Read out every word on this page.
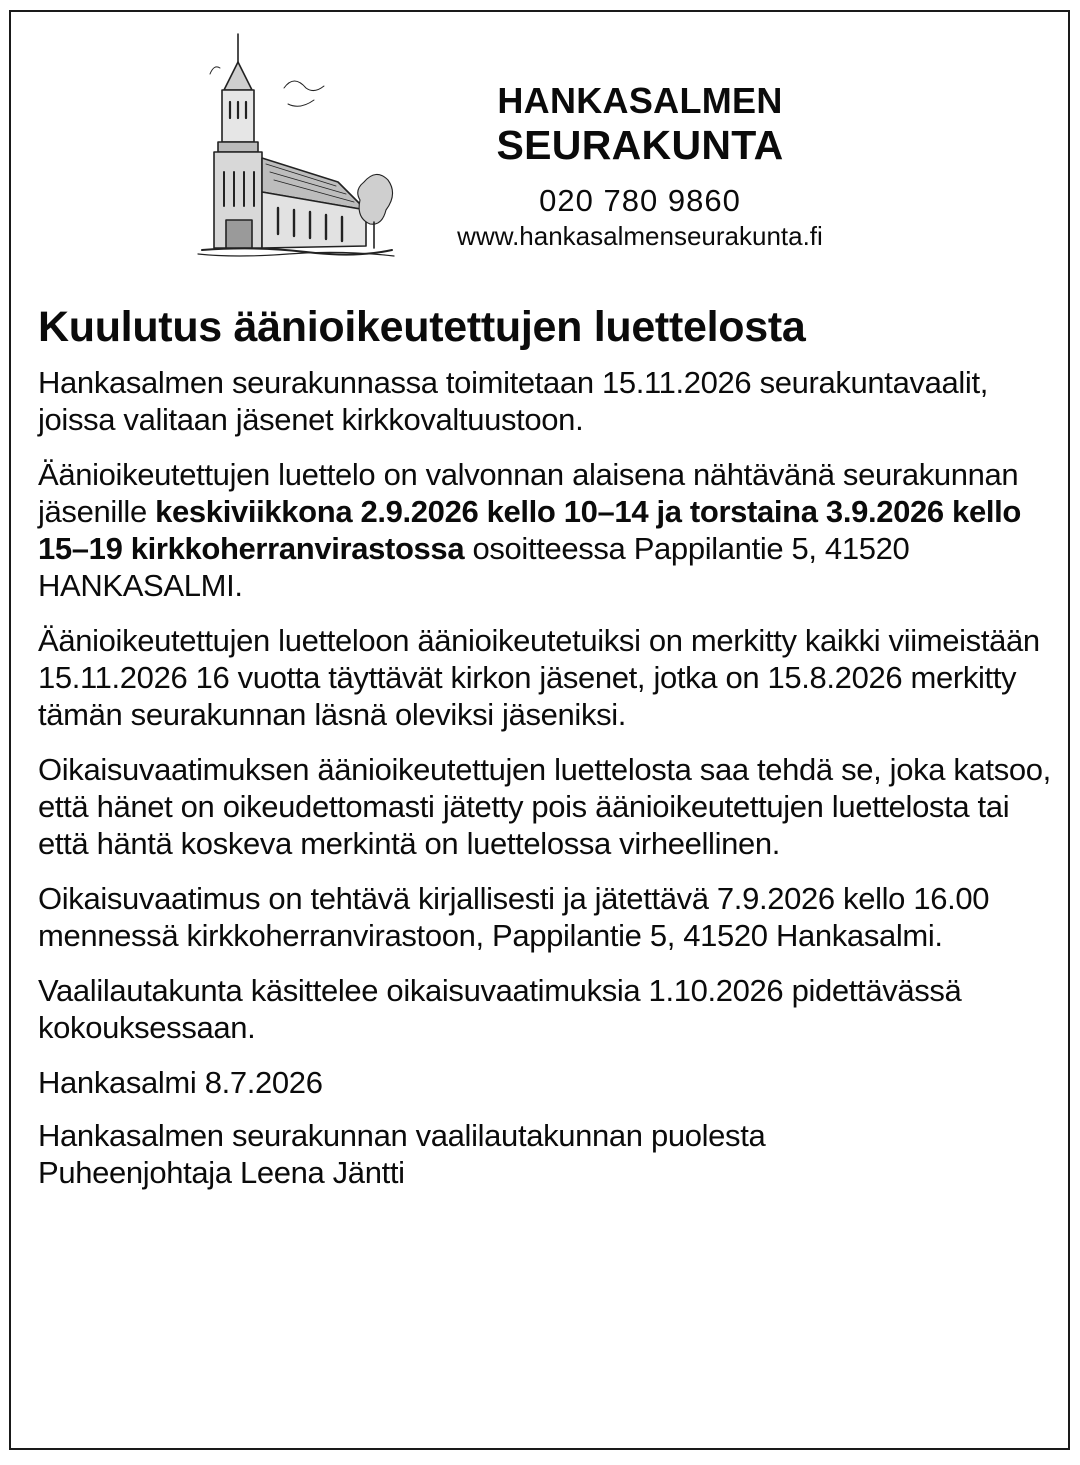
HANKASALMEN
SEURAKUNTA
020 780 9860
www.hankasalmenseurakunta.fi
Kuulutus äänioikeutettujen luettelosta

Hankasalmen seurakunnassa toimitetaan 15.11.2026 seurakuntavaalit, joissa valitaan jäsenet kirkkovaltuustoon.

Äänioikeutettujen luettelo on valvonnan alaisena nähtävänä seurakunnan jäsenille keskiviikkona 2.9.2026 kello 10–14 ja torstaina 3.9.2026 kello 15–19 kirkkoherranvirastossa osoitteessa Pappilantie 5, 41520 HANKASALMI.

Äänioikeutettujen luetteloon äänioikeutetuiksi on merkitty kaikki viimeistään 15.11.2026 16 vuotta täyttävät kirkon jäsenet, jotka on 15.8.2026 merkitty tämän seurakunnan läsnä oleviksi jäseniksi.

Oikaisuvaatimuksen äänioikeutettujen luettelosta saa tehdä se, joka katsoo, että hänet on oikeudettomasti jätetty pois äänioikeutettujen luettelosta tai että häntä koskeva merkintä on luettelossa virheellinen.

Oikaisuvaatimus on tehtävä kirjallisesti ja jätettävä 7.9.2026 kello 16.00 mennessä kirkkoherranvirastoon, Pappilantie 5, 41520 Hankasalmi.

Vaalilautakunta käsittelee oikaisuvaatimuksia 1.10.2026 pidettävässä kokouksessaan.

Hankasalmi 8.7.2026

Hankasalmen seurakunnan vaalilautakunnan puolesta

Puheenjohtaja Leena Jäntti
